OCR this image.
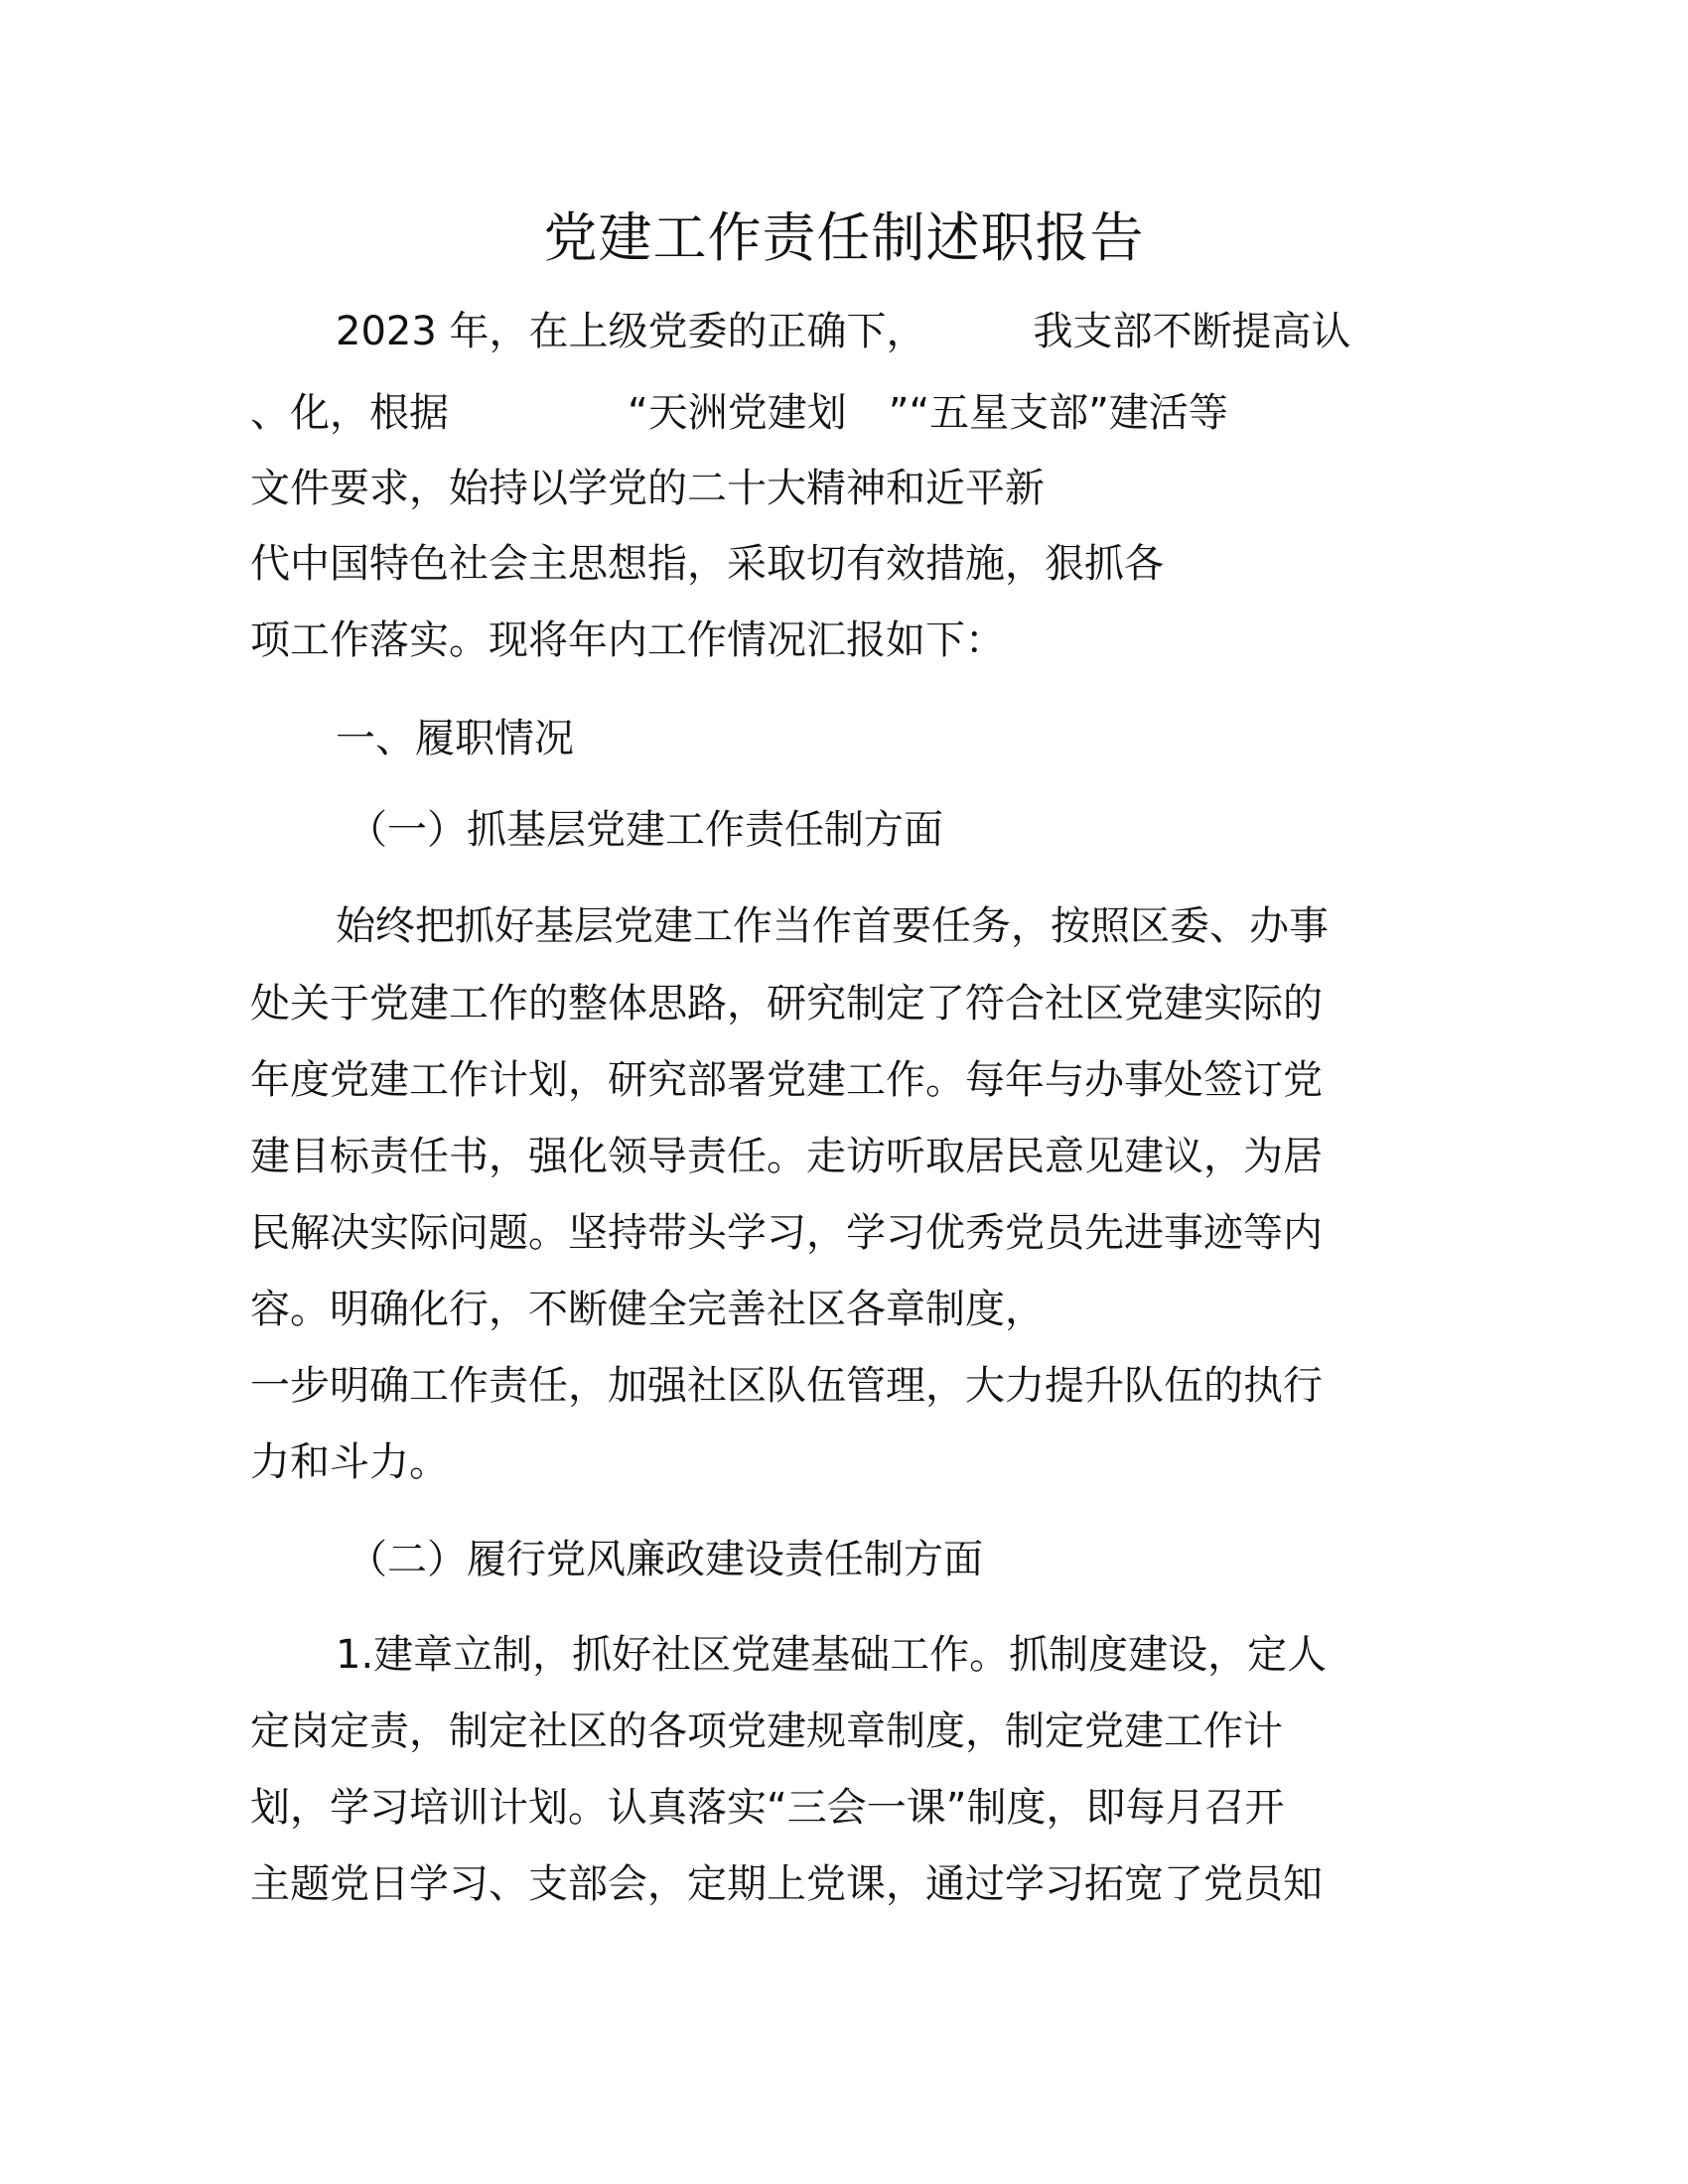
党建工作责任制述职报告

2023 年，在上级党委的正确下，	我支部不断提高认

、化，根据	“天洲党建划 ”“五星支部”建活等

文件要求，始持以学党的二十大精神和近平新

代中国特色社会主思想指，采取切有效措施，狠抓各

项工作落实。现将年内工作情况汇报如下：

一、履职情况

（一）抓基层党建工作责任制方面

始终把抓好基层党建工作当作首要任务，按照区委、办事

处关于党建工作的整体思路，研究制定了符合社区党建实际的

年度党建工作计划，研究部署党建工作。每年与办事处签订党

建目标责任书，强化领导责任。走访听取居民意见建议，为居

民解决实际问题。坚持带头学习，学习优秀党员先进事迹等内

容。明确化行，不断健全完善社区各章制度，

一步明确工作责任，加强社区队伍管理，大力提升队伍的执行

力和斗力。

（二）履行党风廉政建设责任制方面

1.建章立制，抓好社区党建基础工作。抓制度建设，定人

定岗定责，制定社区的各项党建规章制度，制定党建工作计

划，学习培训计划。认真落实“三会一课”制度，即每月召开

主题党日学习、支部会，定期上党课，通过学习拓宽了党员知
